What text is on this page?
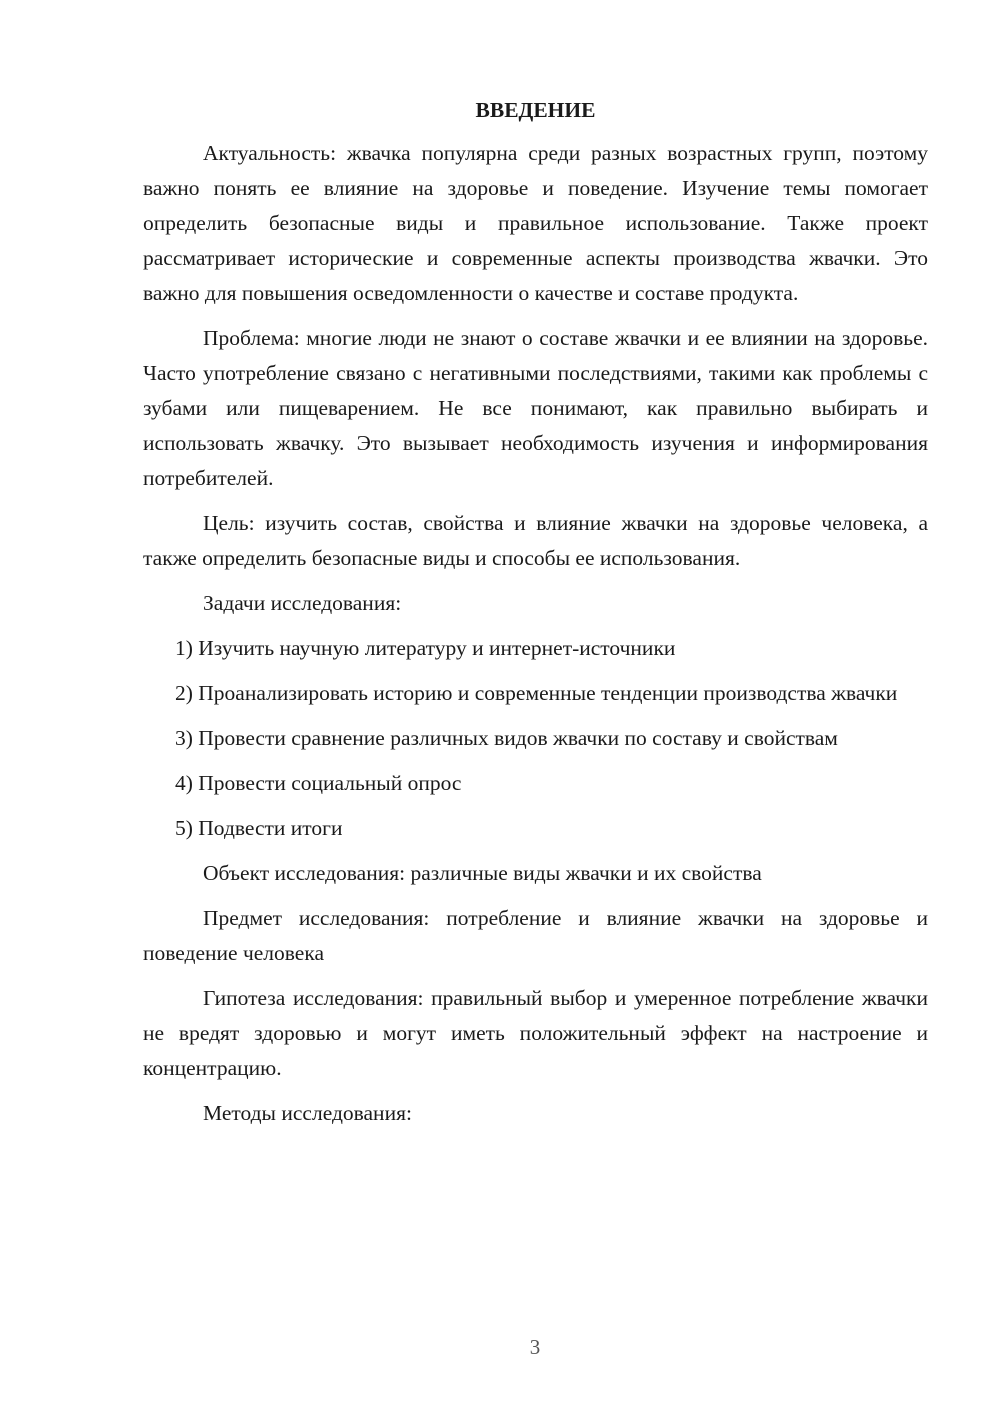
ВВЕДЕНИЕ

Актуальность: жвачка популярна среди разных возрастных групп, поэтому важно понять ее влияние на здоровье и поведение. Изучение темы помогает определить безопасные виды и правильное использование. Также проект рассматривает исторические и современные аспекты производства жвачки. Это важно для повышения осведомленности о качестве и составе продукта.

Проблема: многие люди не знают о составе жвачки и ее влиянии на здоровье. Часто употребление связано с негативными последствиями, такими как проблемы с зубами или пищеварением. Не все понимают, как правильно выбирать и использовать жвачку. Это вызывает необходимость изучения и информирования потребителей.

Цель: изучить состав, свойства и влияние жвачки на здоровье человека, а также определить безопасные виды и способы ее использования.

Задачи исследования:

1) Изучить научную литературу и интернет-источники

2) Проанализировать историю и современные тенденции производства жвачки

3) Провести сравнение различных видов жвачки по составу и свойствам

4) Провести социальный опрос

5) Подвести итоги

Объект исследования: различные виды жвачки и их свойства

Предмет исследования: потребление и влияние жвачки на здоровье и поведение человека

Гипотеза исследования: правильный выбор и умеренное потребление жвачки не вредят здоровью и могут иметь положительный эффект на настроение и концентрацию.

Методы исследования:

3
